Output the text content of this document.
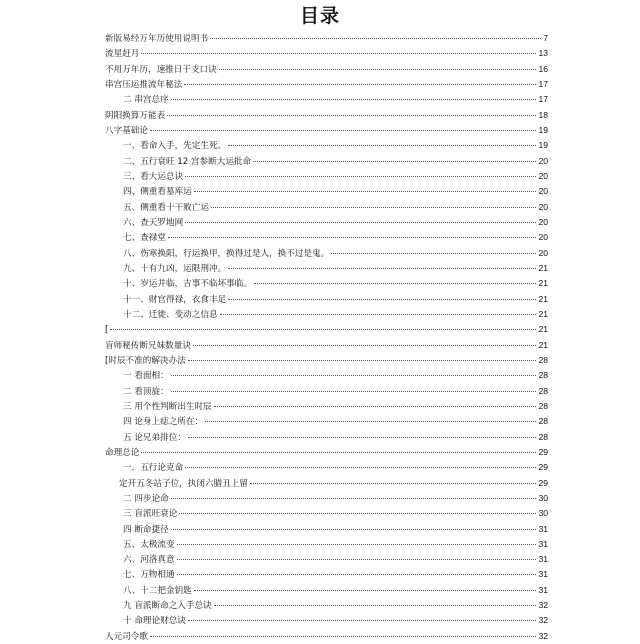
目录
新版易经万年历使用说明书	7
流星赶月	13
不用万年历，速推日干支口诀	16
串宫压运推流年秘法	17
二 串宫总序	17
阴阳换算万能表	18
八字基础论	19
一、看命入手，先定生死。	19
二、五行衰旺 12 宫参断大运批命	20
三、看大运总诀	20
四、侧重看墓库运	20
五、侧重看十干败亡运	20
六、查天罗地网	20
七、查禄堂	20
八、伤寒换阳，行运换甲，换得过是人，换不过是鬼。	20
九、十有九凶，运限刑冲。	21
十、岁运并临，吉事不临坏事临。	21
十一、财官得禄，衣食丰足	21
十二、迁徙、变动之信息	21
[	21
盲师秘传断兄妹数量诀	21
[时辰不准的解决办法	28
一 看面相：	28
二 看顶旋：	28
三 用个性判断出生时辰	28
四 论身上痣之所在：	28
五 论兄弟排位：	28
命理总论	29
一．五行论克命	29
定开五冬站子位，执闭六腊丑上留	29
二 四步论命	30
三 盲派旺衰论	30
四 断命捷径	31
五、太极流变	31
六、河洛真意	31
七、万物相通	31
八、十二把金钥匙	31
九 盲派断命之入手总诀	32
十 命理论财总诀	32
人元司令歌	32
